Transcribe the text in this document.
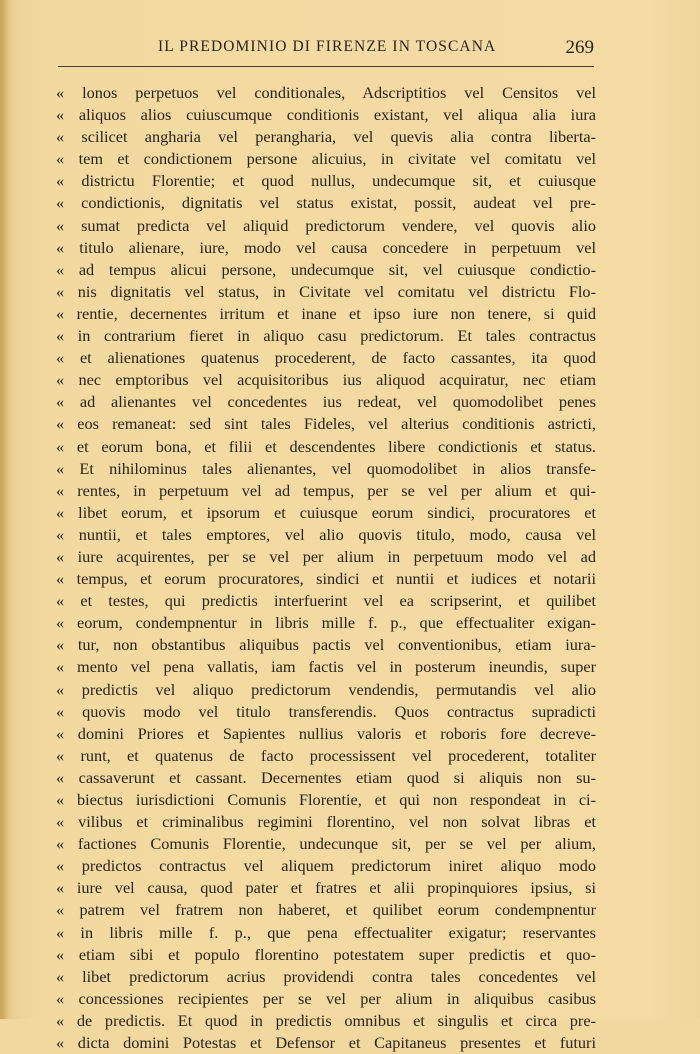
IL PREDOMINIO DI FIRENZE IN TOSCANA	269
« lonos perpetuos vel conditionales, Adscriptitios vel Censitos vel
« aliquos alios cuiuscumque conditionis existant, vel aliqua alia iura
« scilicet angharia vel perangharia, vel quevis alia contra liberta-
« tem et condictionem persone alicuius, in civitate vel comitatu vel
« districtu Florentie; et quod nullus, undecumque sit, et cuiusque
« condictionis, dignitatis vel status existat, possit, audeat vel pre-
« sumat predicta vel aliquid predictorum vendere, vel quovis alio
« titulo alienare, iure, modo vel causa concedere in perpetuum vel
« ad tempus alicui persone, undecumque sit, vel cuiusque condictio-
« nis dignitatis vel status, in Civitate vel comitatu vel districtu Flo-
« rentie, decernentes irritum et inane et ipso iure non tenere, si quid
« in contrarium fieret in aliquo casu predictorum. Et tales contractus
« et alienationes quatenus procederent, de facto cassantes, ita quod
« nec emptoribus vel acquisitoribus ius aliquod acquiratur, nec etiam
« ad alienantes vel concedentes ius redeat, vel quomodolibet penes
« eos remaneat: sed sint tales Fideles, vel alterius conditionis astricti,
« et eorum bona, et filii et descendentes libere condictionis et status.
« Et nihilominus tales alienantes, vel quomodolibet in alios transfe-
« rentes, in perpetuum vel ad tempus, per se vel per alium et qui-
« libet eorum, et ipsorum et cuiusque eorum sindici, procuratores et
« nuntii, et tales emptores, vel alio quovis titulo, modo, causa vel
« iure acquirentes, per se vel per alium in perpetuum modo vel ad
« tempus, et eorum procuratores, sindici et nuntii et iudices et notarii
« et testes, qui predictis interfuerint vel ea scripserint, et quilibet
« eorum, condempnentur in libris mille f. p., que effectualiter exigan-
« tur, non obstantibus aliquibus pactis vel conventionibus, etiam iura-
« mento vel pena vallatis, iam factis vel in posterum ineundis, super
« predictis vel aliquo predictorum vendendis, permutandis vel alio
« quovis modo vel titulo transferendis. Quos contractus supradicti
« domini Priores et Sapientes nullius valoris et roboris fore decreve-
« runt, et quatenus de facto processissent vel procederent, totaliter
« cassaverunt et cassant. Decernentes etiam quod si aliquis non su-
« biectus iurisdictioni Comunis Florentie, et qui non respondeat in ci-
« vilibus et criminalibus regimini florentino, vel non solvat libras et
« factiones Comunis Florentie, undecunque sit, per se vel per alium,
« predictos contractus vel aliquem predictorum iniret aliquo modo
« iure vel causa, quod pater et fratres et alii propinquiores ipsius, si
« patrem vel fratrem non haberet, et quilibet eorum condempnentur
« in libris mille f. p., que pena effectualiter exigatur; reservantes
« etiam sibi et populo florentino potestatem super predictis et quo-
« libet predictorum acrius providendi contra tales concedentes vel
« concessiones recipientes per se vel per alium in aliquibus casibus
« de predictis. Et quod in predictis omnibus et singulis et circa pre-
« dicta domini Potestas et Defensor et Capitaneus presentes et futuri
